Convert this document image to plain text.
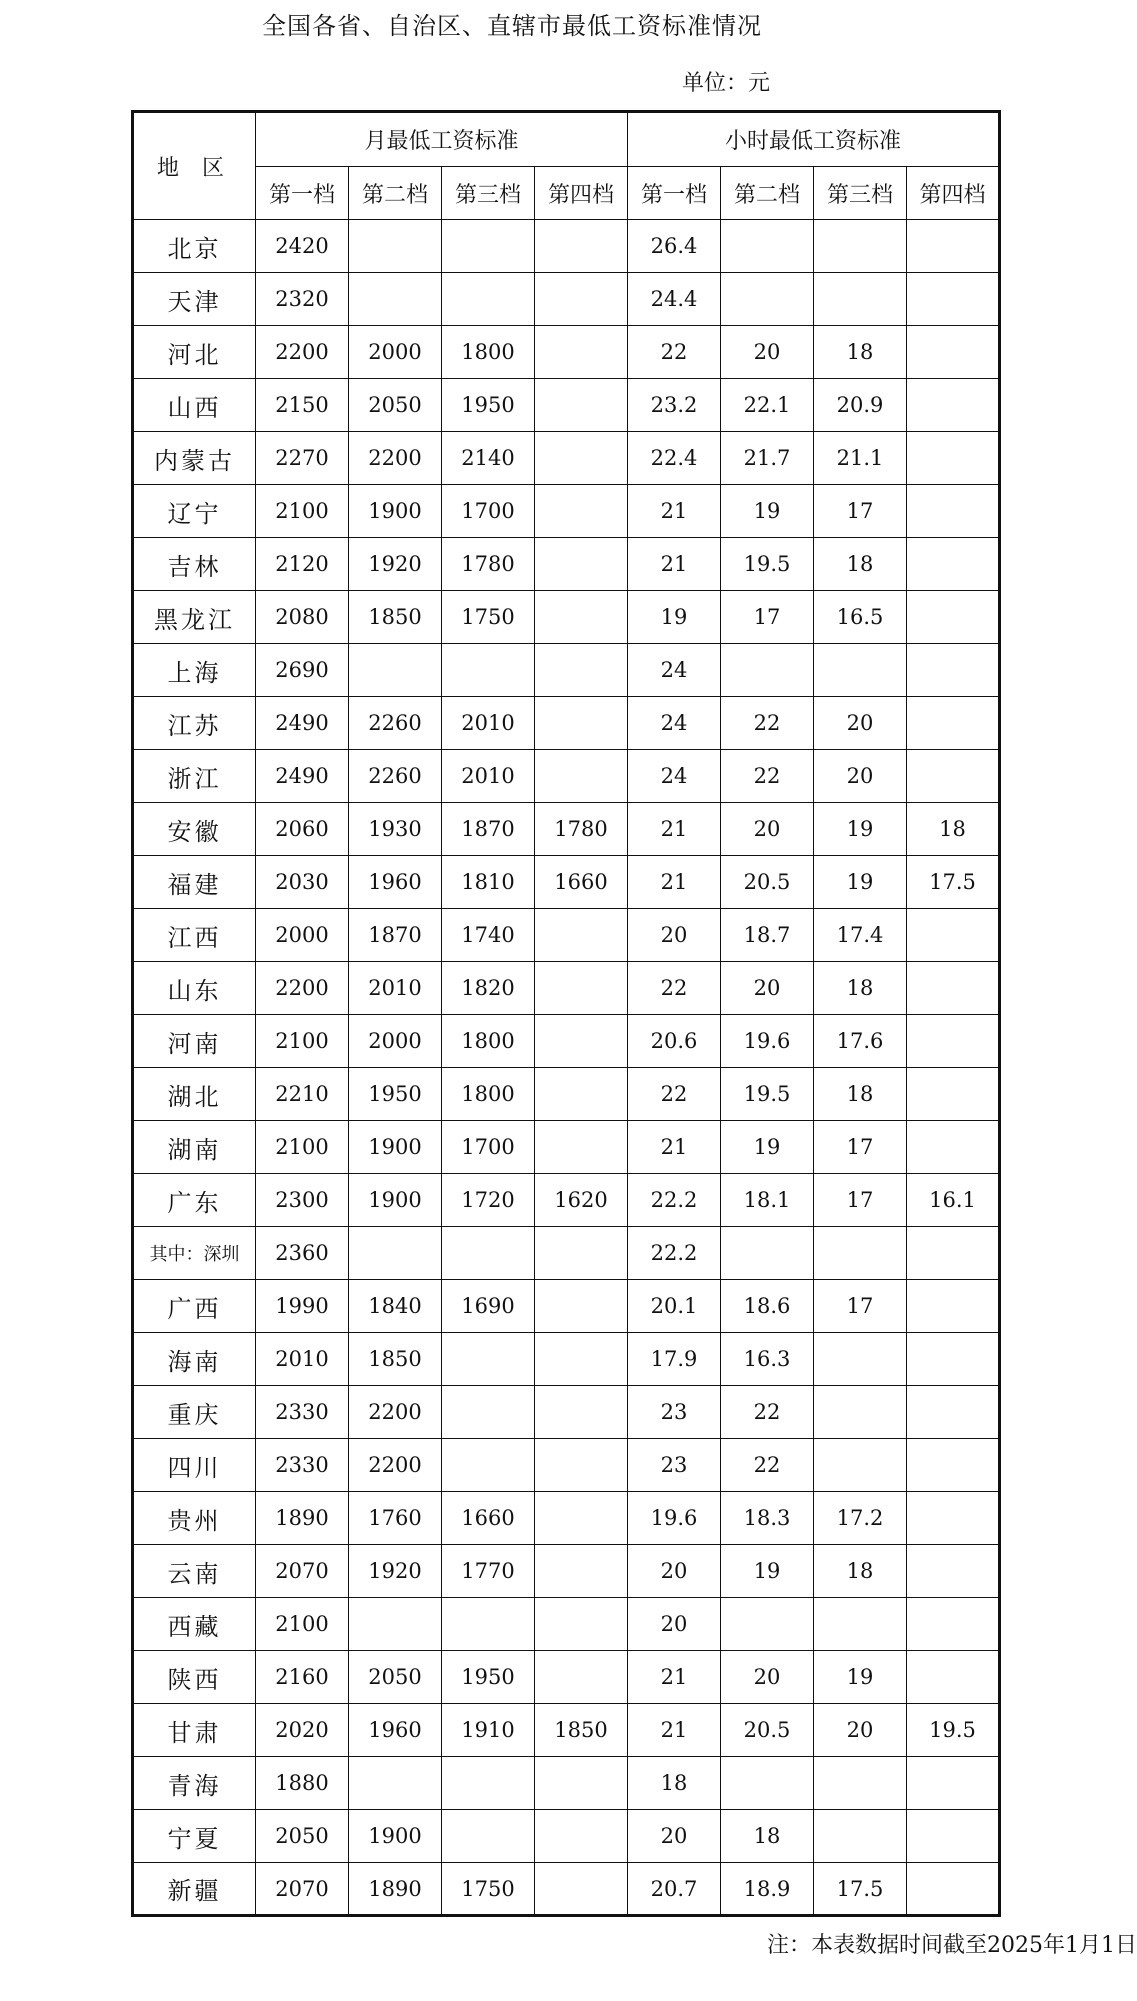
全国各省、自治区、直辖市最低工资标准情况
单位：元
地 区	月最低工资标准				小时最低工资标准			
	第一档	第二档	第三档	第四档	第一档	第二档	第三档	第四档
北京	2420				26.4			
天津	2320				24.4			
河北	2200	2000	1800		22	20	18	
山西	2150	2050	1950		23.2	22.1	20.9	
内蒙古	2270	2200	2140		22.4	21.7	21.1	
辽宁	2100	1900	1700		21	19	17	
吉林	2120	1920	1780		21	19.5	18	
黑龙江	2080	1850	1750		19	17	16.5	
上海	2690				24			
江苏	2490	2260	2010		24	22	20	
浙江	2490	2260	2010		24	22	20	
安徽	2060	1930	1870	1780	21	20	19	18
福建	2030	1960	1810	1660	21	20.5	19	17.5
江西	2000	1870	1740		20	18.7	17.4	
山东	2200	2010	1820		22	20	18	
河南	2100	2000	1800		20.6	19.6	17.6	
湖北	2210	1950	1800		22	19.5	18	
湖南	2100	1900	1700		21	19	17	
广东	2300	1900	1720	1620	22.2	18.1	17	16.1
其中：深圳	2360				22.2			
广西	1990	1840	1690		20.1	18.6	17	
海南	2010	1850			17.9	16.3		
重庆	2330	2200			23	22		
四川	2330	2200			23	22		
贵州	1890	1760	1660		19.6	18.3	17.2	
云南	2070	1920	1770		20	19	18	
西藏	2100				20			
陕西	2160	2050	1950		21	20	19	
甘肃	2020	1960	1910	1850	21	20.5	20	19.5
青海	1880				18			
宁夏	2050	1900			20	18		
新疆	2070	1890	1750		20.7	18.9	17.5	
注：本表数据时间截至2025年1月1日
